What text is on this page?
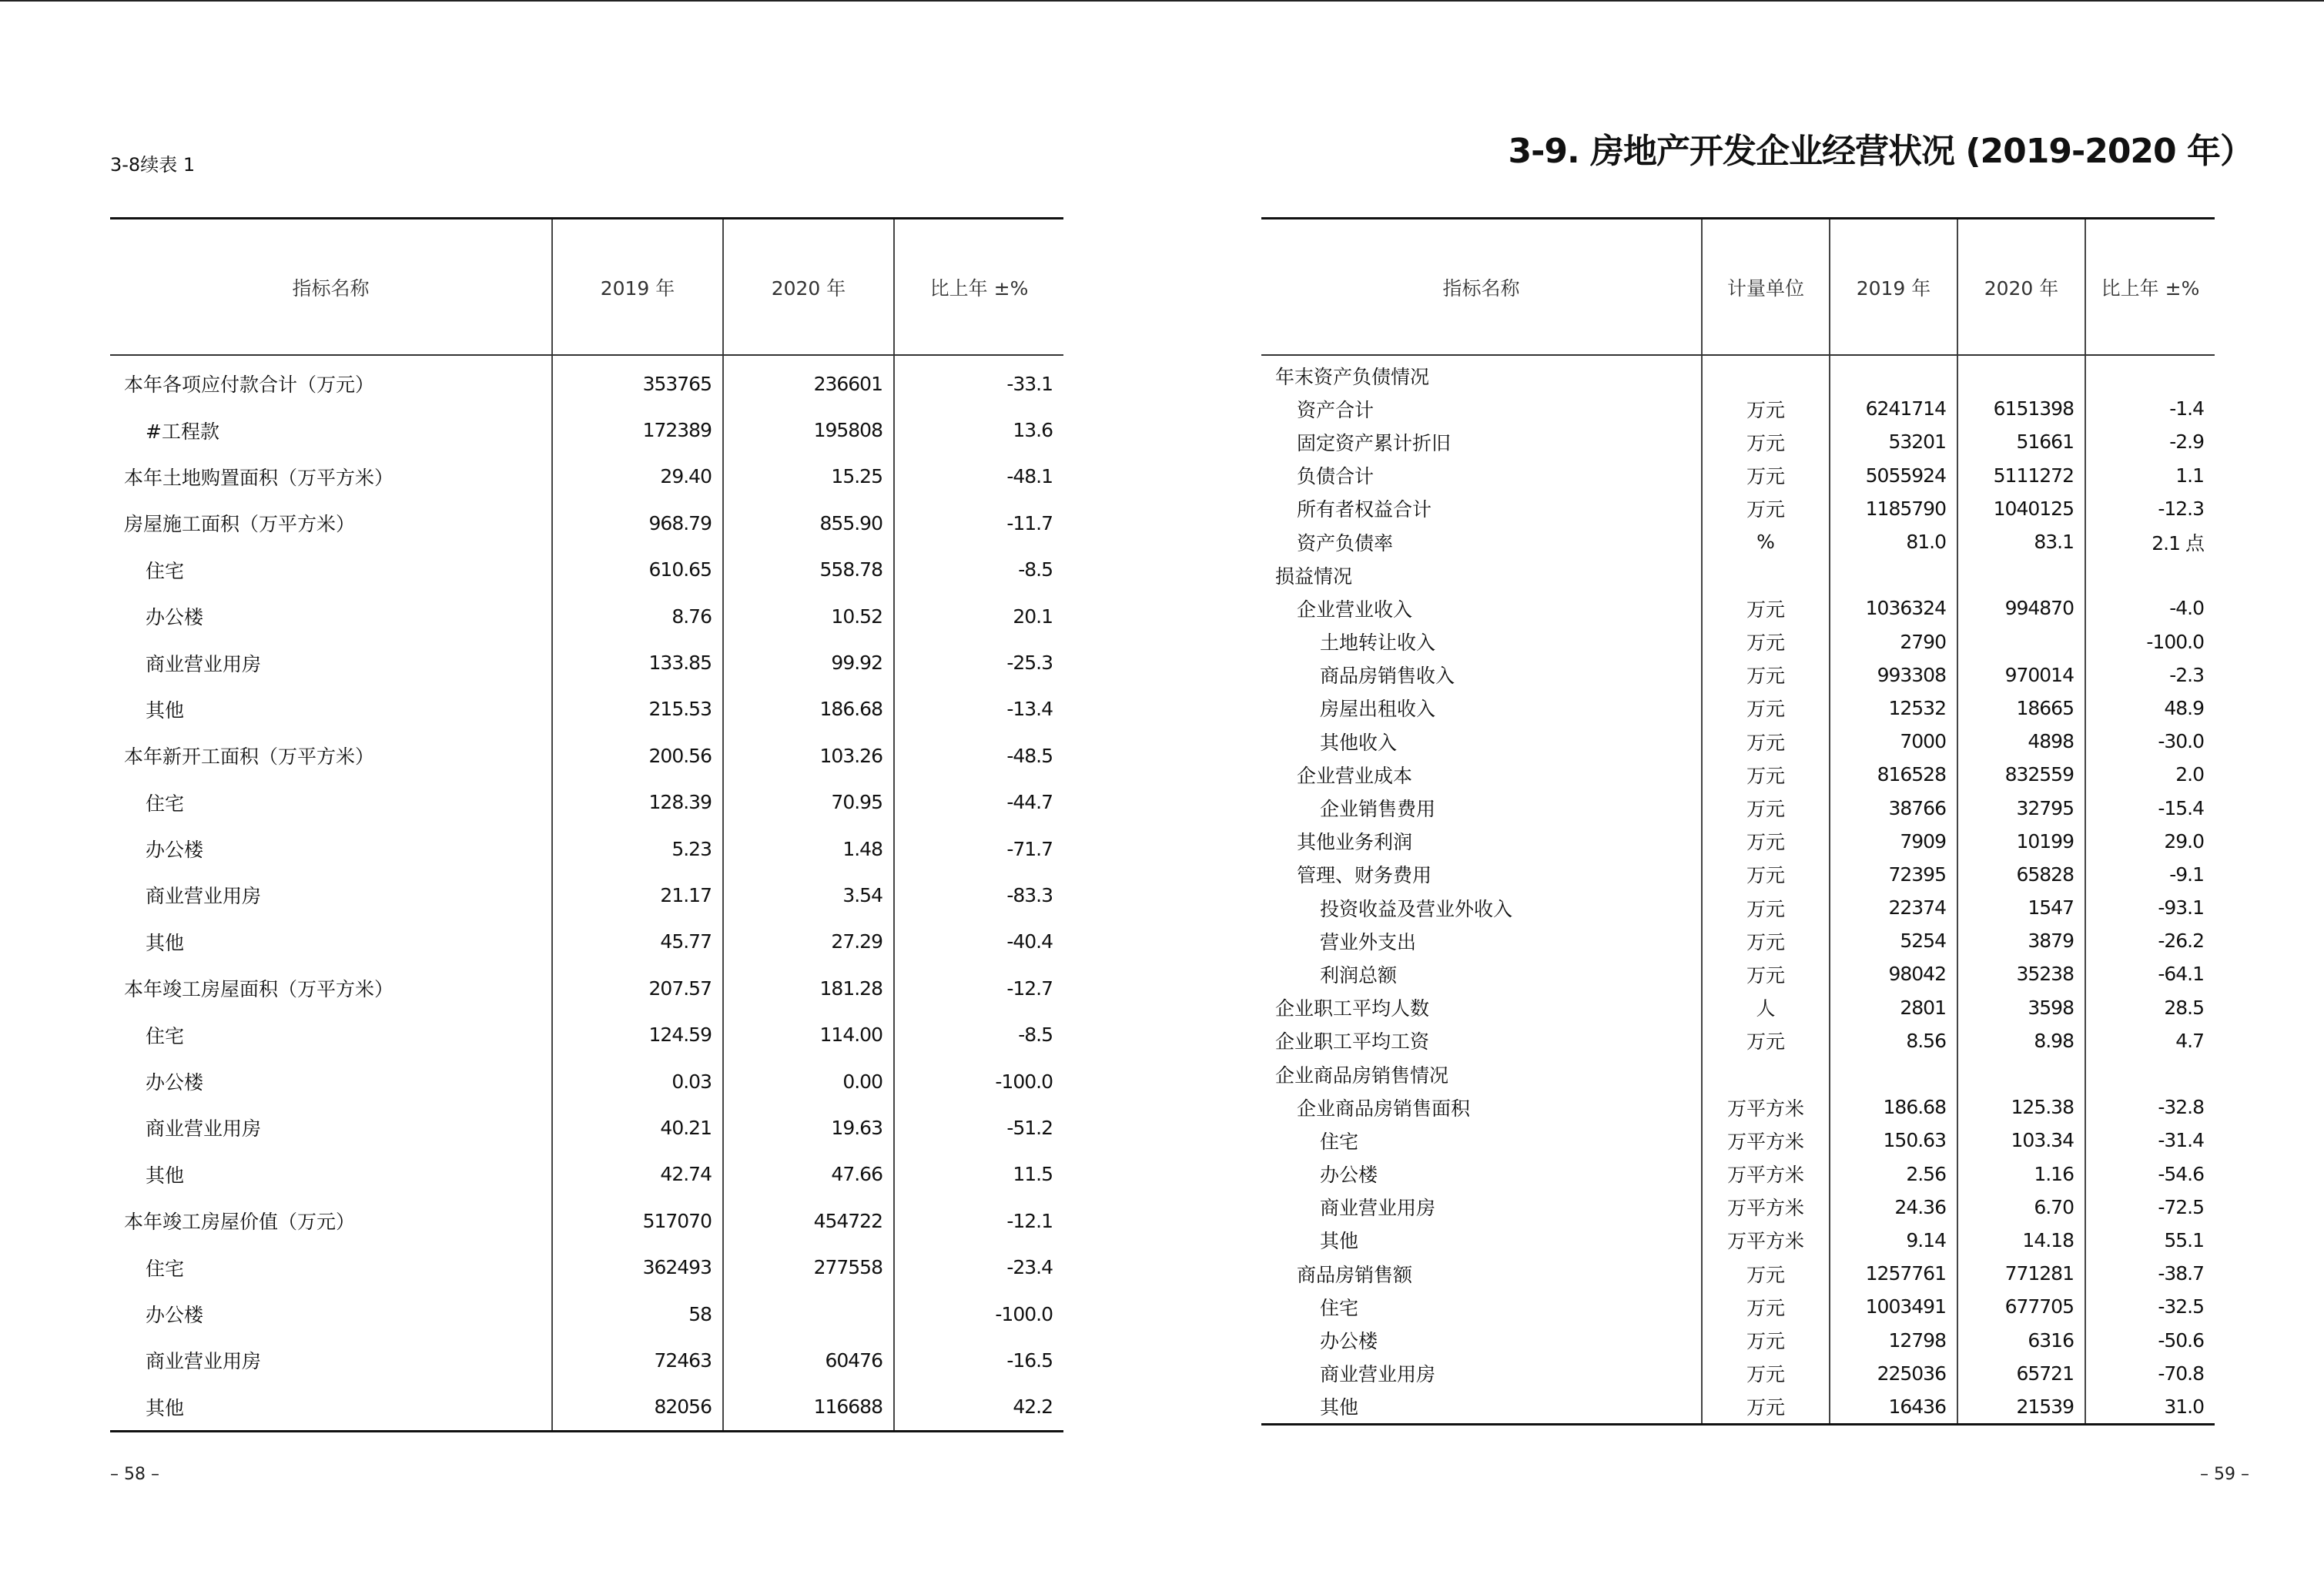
3-8续表 1
指标名称	2019 年	2020 年	比上年 ±%
本年各项应付款合计（万元）	353765	236601	-33.1
#工程款	172389	195808	13.6
本年土地购置面积（万平方米）	29.40	15.25	-48.1
房屋施工面积（万平方米）	968.79	855.90	-11.7
住宅	610.65	558.78	-8.5
办公楼	8.76	10.52	20.1
商业营业用房	133.85	99.92	-25.3
其他	215.53	186.68	-13.4
本年新开工面积（万平方米）	200.56	103.26	-48.5
住宅	128.39	70.95	-44.7
办公楼	5.23	1.48	-71.7
商业营业用房	21.17	3.54	-83.3
其他	45.77	27.29	-40.4
本年竣工房屋面积（万平方米）	207.57	181.28	-12.7
住宅	124.59	114.00	-8.5
办公楼	0.03	0.00	-100.0
商业营业用房	40.21	19.63	-51.2
其他	42.74	47.66	11.5
本年竣工房屋价值（万元）	517070	454722	-12.1
住宅	362493	277558	-23.4
办公楼	58		-100.0
商业营业用房	72463	60476	-16.5
其他	82056	116688	42.2
– 58 –
3-9. 房地产开发企业经营状况 (2019-2020 年）
指标名称	计量单位	2019 年	2020 年	比上年 ±%
年末资产负债情况				
资产合计	万元	6241714	6151398	-1.4
固定资产累计折旧	万元	53201	51661	-2.9
负债合计	万元	5055924	5111272	1.1
所有者权益合计	万元	1185790	1040125	-12.3
资产负债率	%	81.0	83.1	2.1 点
损益情况				
企业营业收入	万元	1036324	994870	-4.0
土地转让收入	万元	2790		-100.0
商品房销售收入	万元	993308	970014	-2.3
房屋出租收入	万元	12532	18665	48.9
其他收入	万元	7000	4898	-30.0
企业营业成本	万元	816528	832559	2.0
企业销售费用	万元	38766	32795	-15.4
其他业务利润	万元	7909	10199	29.0
管理、财务费用	万元	72395	65828	-9.1
投资收益及营业外收入	万元	22374	1547	-93.1
营业外支出	万元	5254	3879	-26.2
利润总额	万元	98042	35238	-64.1
企业职工平均人数	人	2801	3598	28.5
企业职工平均工资	万元	8.56	8.98	4.7
企业商品房销售情况				
企业商品房销售面积	万平方米	186.68	125.38	-32.8
住宅	万平方米	150.63	103.34	-31.4
办公楼	万平方米	2.56	1.16	-54.6
商业营业用房	万平方米	24.36	6.70	-72.5
其他	万平方米	9.14	14.18	55.1
商品房销售额	万元	1257761	771281	-38.7
住宅	万元	1003491	677705	-32.5
办公楼	万元	12798	6316	-50.6
商业营业用房	万元	225036	65721	-70.8
其他	万元	16436	21539	31.0
– 59 –
